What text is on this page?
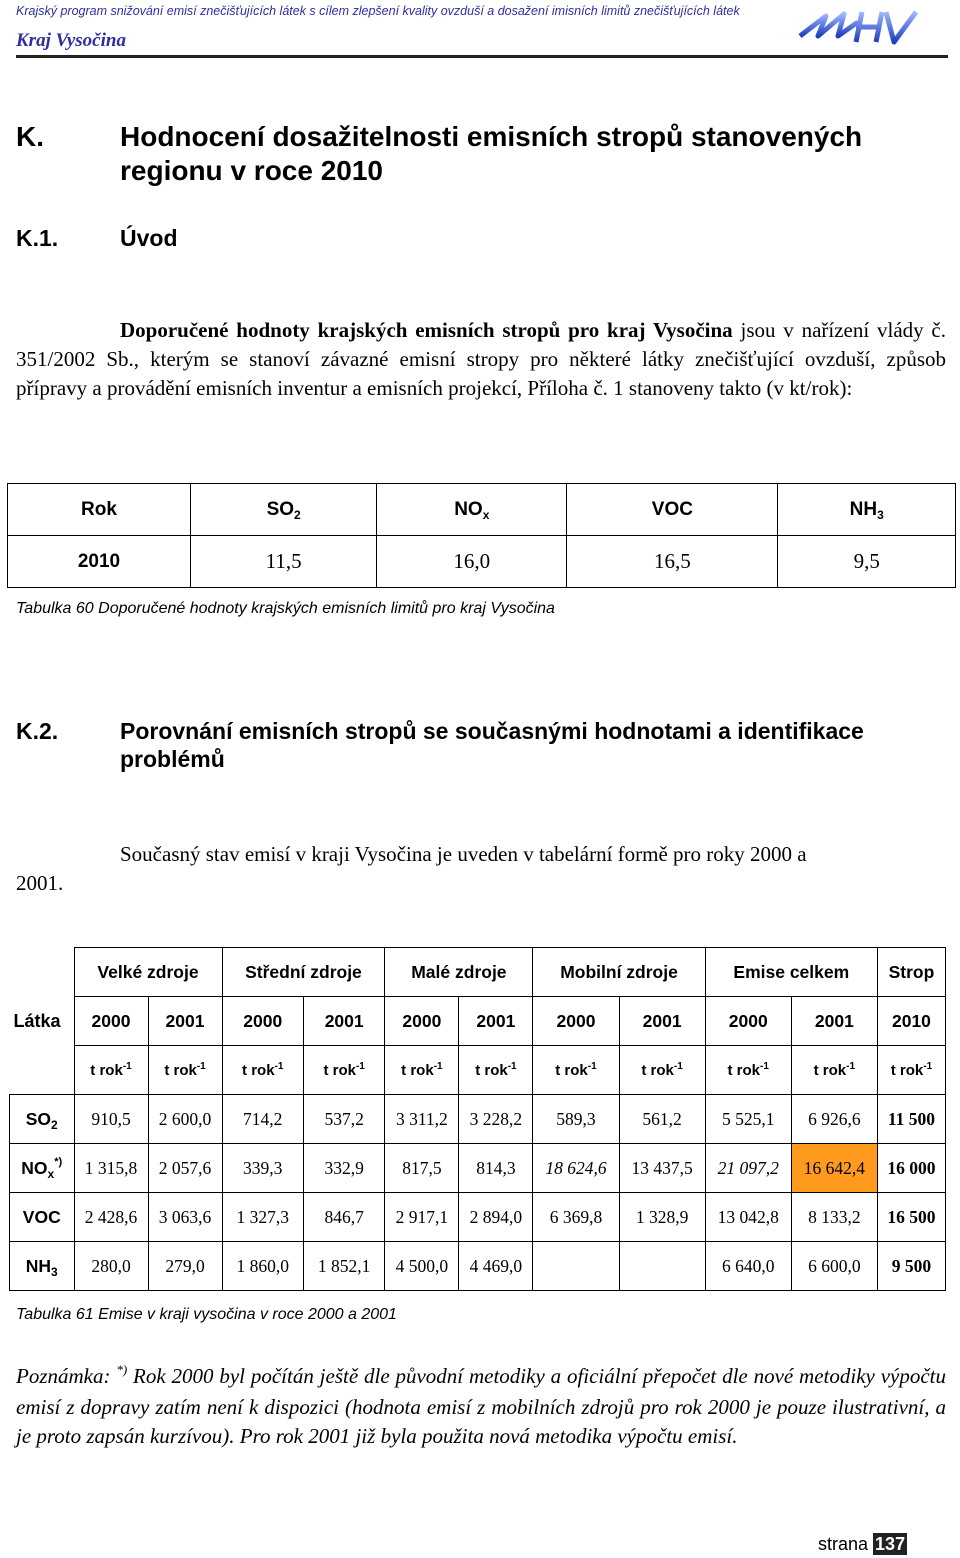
Krajský program snižování emisí znečišťujících látek s cílem zlepšení kvality ovzduší a dosažení imisních limitů znečišťujících látek
Kraj Vysočina
K.	Hodnocení dosažitelnosti emisních stropů stanovených
regionu v roce 2010
K.1.	Úvod
Doporučené hodnoty krajských emisních stropů pro kraj Vysočina jsou v nařízení vlády č. 351/2002 Sb., kterým se stanoví závazné emisní stropy pro některé látky znečišťující ovzduší, způsob přípravy a provádění emisních inventur a emisních projekcí, Příloha č. 1 stanoveny takto (v kt/rok):
Rok	$SO_2$	$NO_x$	VOC	$NH_3$
2010	11,5	16,0	16,5	9,5
Tabulka 60 Doporučené hodnoty krajských emisních limitů pro kraj Vysočina
K.2.	Porovnání emisních stropů se současnými hodnotami a identifikace
problémů
Současný stav emisí v kraji Vysočina je uveden v tabelární formě pro roky 2000 a
2001.
	Velké zdroje		Střední zdroje		Malé zdroje		Mobilní zdroje		Emise celkem		Strop
Látka	2000	2001	2000	2001	2000	2001	2000	2001	2000	2001	2010
	t rok$^{-1}$	t rok$^{-1}$	t rok$^{-1}$	t rok$^{-1}$	t rok$^{-1}$	t rok$^{-1}$	t rok$^{-1}$	t rok$^{-1}$	t rok$^{-1}$	t rok$^{-1}$	t rok$^{-1}$
$SO_2$	910,5	2 600,0	714,2	537,2	3 311,2	3 228,2	589,3	561,2	5 525,1	6 926,6	11 500
$NO_x^{*)}$	1 315,8	2 057,6	339,3	332,9	817,5	814,3	18 624,6	13 437,5	21 097,2	16 642,4	16 000
VOC	2 428,6	3 063,6	1 327,3	846,7	2 917,1	2 894,0	6 369,8	1 328,9	13 042,8	8 133,2	16 500
$NH_3$	280,0	279,0	1 860,0	1 852,1	4 500,0	4 469,0			6 640,0	6 600,0	9 500
Tabulka 61 Emise v kraji vysočina v roce 2000 a 2001
Poznámka: *) Rok 2000 byl počítán ještě dle původní metodiky a oficiální přepočet dle nové metodiky výpočtu emisí z dopravy zatím není k dispozici (hodnota emisí z mobilních zdrojů pro rok 2000 je pouze ilustrativní, a je proto zapsán kurzívou). Pro rok 2001 již byla použita nová metodika výpočtu emisí.
strana 137
